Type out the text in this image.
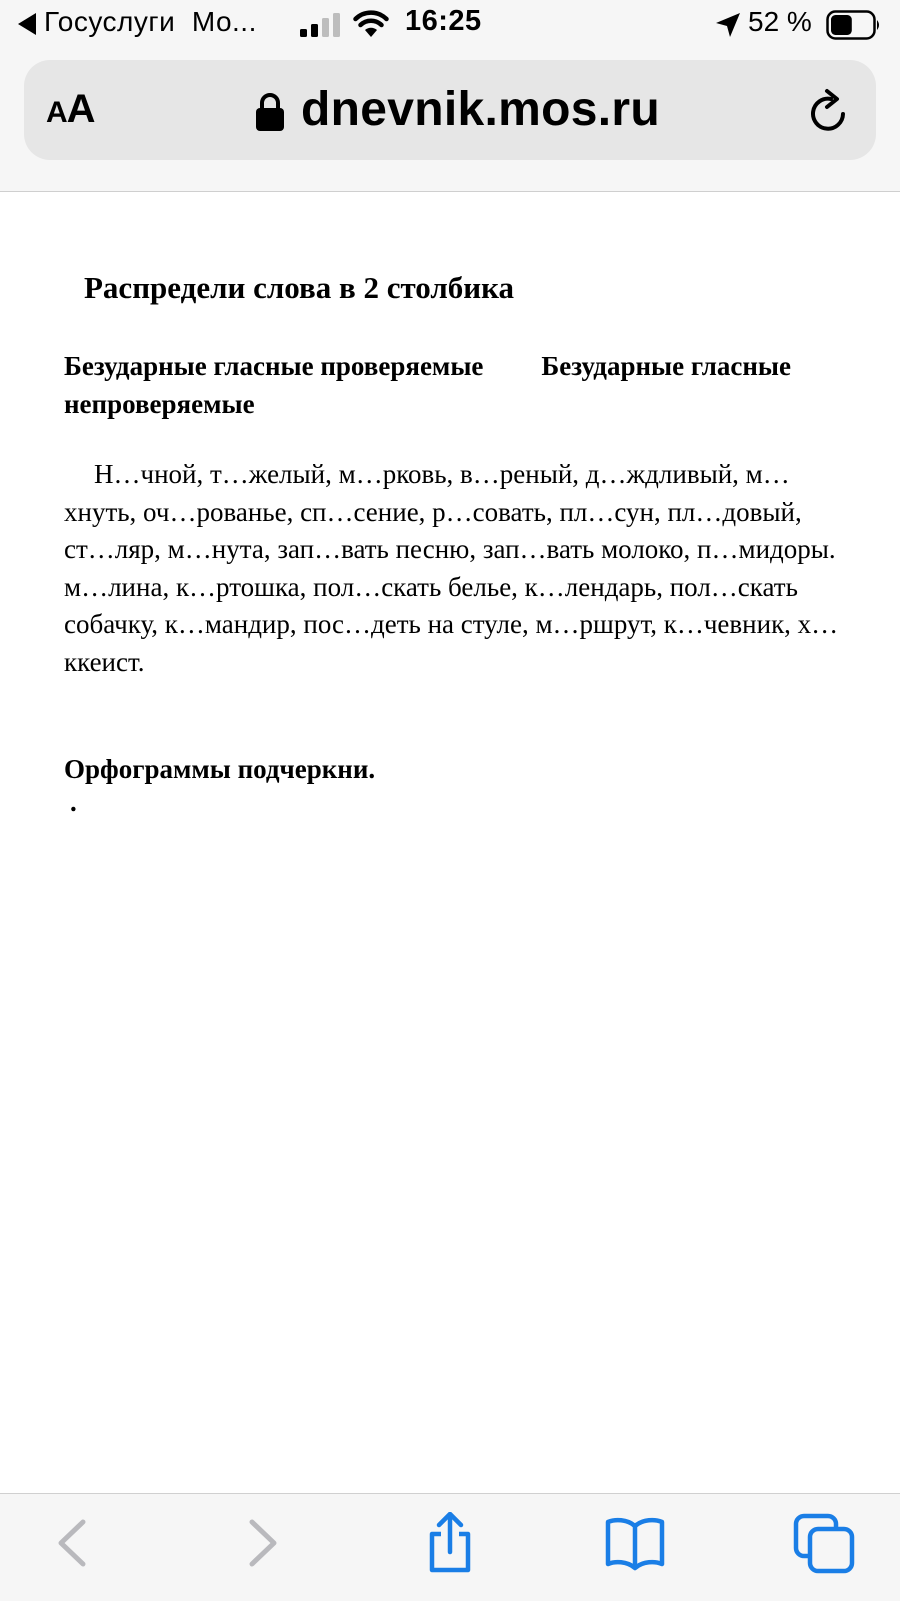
Госуслуги Мо...	16:25	52 %
AA	dnevnik.mos.ru
Распредели слова в 2 столбика
Безударные гласные проверяемые Безударные гласные непроверяемые
Н…чной, т…желый, м…рковь, в…реный, д…ждливый, м…хнуть, оч…рованье, сп…сение, р…совать, пл…сун, пл…довый, ст…ляр, м…нута, зап…вать песню, зап…вать молоко, п…мидоры. м…лина, к…ртошка, пол…скать белье, к…лендарь, пол…скать собачку, к…мандир, пос…деть на стуле, м…ршрут, к…чевник, х…ккеист.
Орфограммы подчеркни.
.
